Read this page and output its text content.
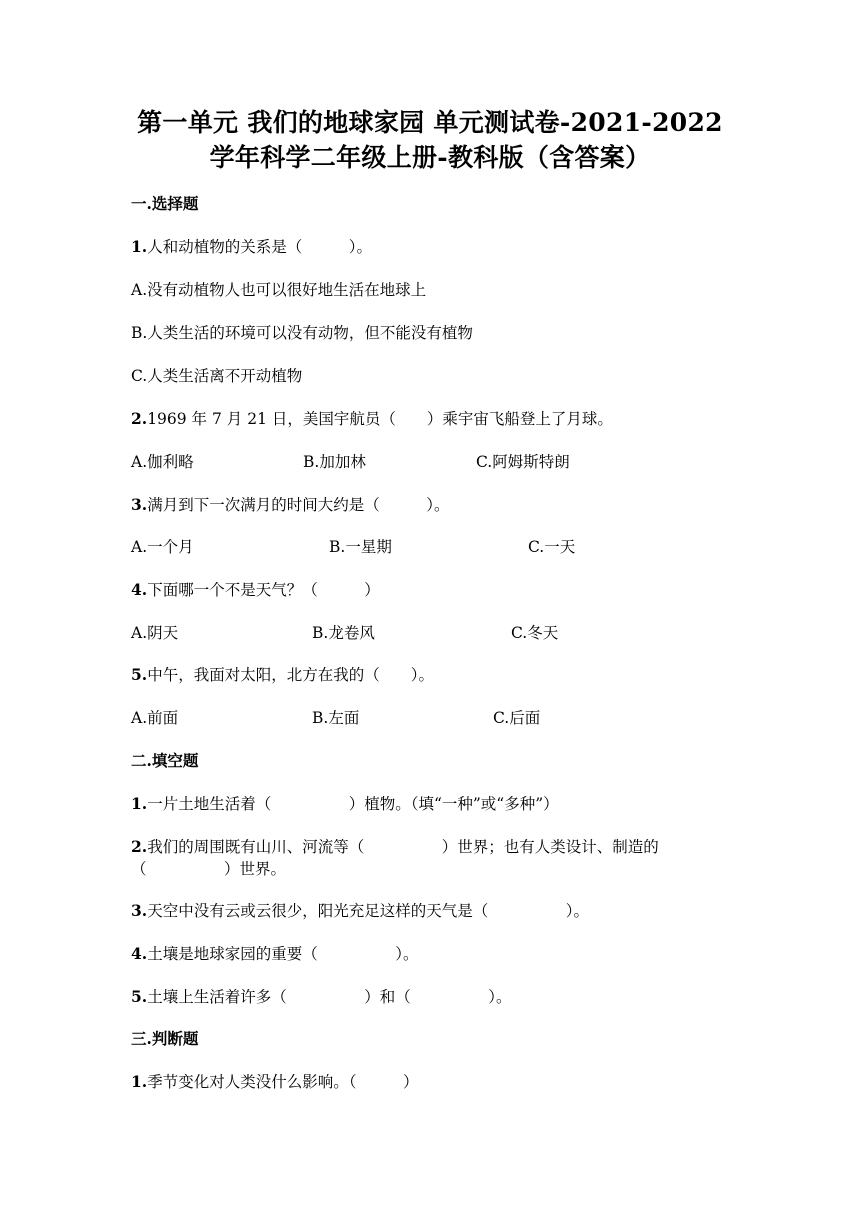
第一单元 我们的地球家园 单元测试卷-2021-2022
学年科学二年级上册-教科版（含答案）
一.选择题
1.人和动植物的关系是（　　　）。
A.没有动植物人也可以很好地生活在地球上
B.人类生活的环境可以没有动物，但不能没有植物
C.人类生活离不开动植物
2.1969 年 7 月 21 日，美国宇航员（　　）乘宇宙飞船登上了月球。
A.伽利略	B.加加林	C.阿姆斯特朗
3.满月到下一次满月的时间大约是（　　　）。
A.一个月	B.一星期	C.一天
4.下面哪一个不是天气？（　　　）
A.阴天	B.龙卷风	C.冬天
5.中午，我面对太阳，北方在我的（　　）。
A.前面	B.左面	C.后面
二.填空题
1.一片土地生活着（　　　　　）植物。（填“一种”或“多种”）
2.我们的周围既有山川、河流等（　　　　　）世界；也有人类设计、制造的
（　　　　　）世界。
3.天空中没有云或云很少，阳光充足这样的天气是（　　　　　）。
4.土壤是地球家园的重要（　　　　　）。
5.土壤上生活着许多（　　　　　）和（　　　　　）。
三.判断题
1.季节变化对人类没什么影响。（　　　）
